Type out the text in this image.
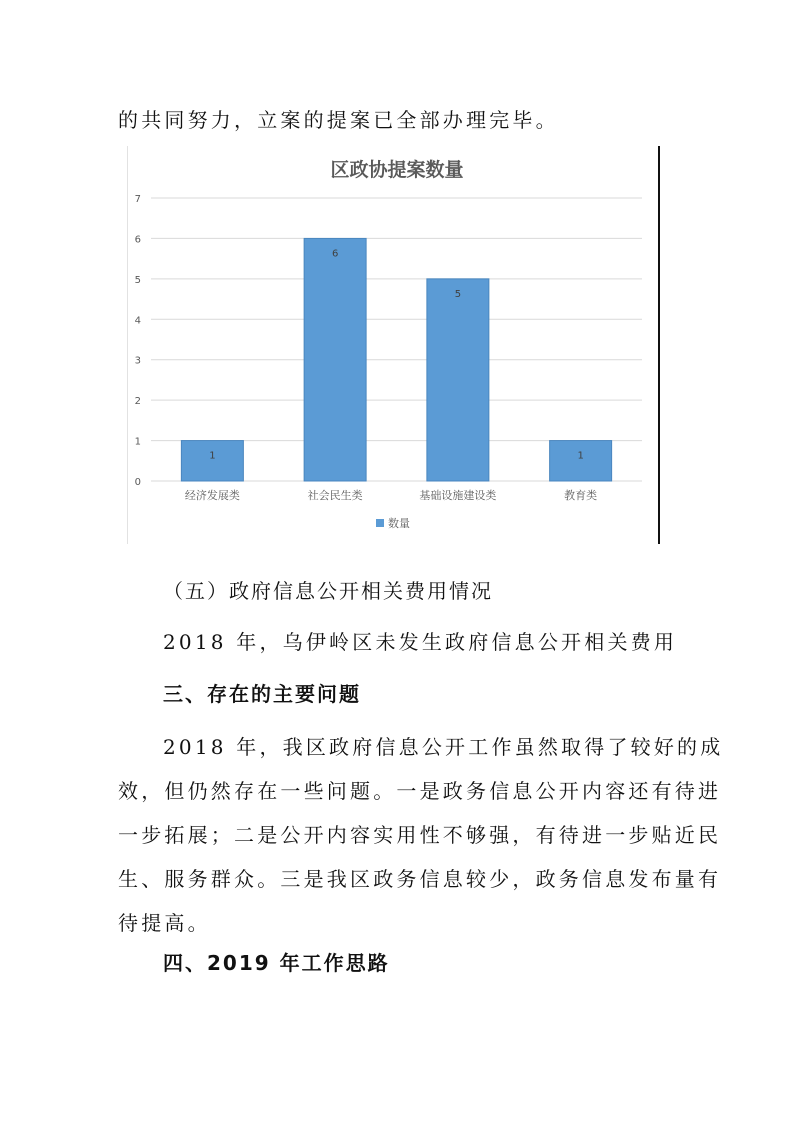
的共同努力，立案的提案已全部办理完毕。
区政协提案数量
0
1
2
3
4
5
6
7
1
经济发展类
6
社会民生类
5
基础设施建设类
1
教育类
数量
（五）政府信息公开相关费用情况
2018 年，乌伊岭区未发生政府信息公开相关费用
三、存在的主要问题
2018 年，我区政府信息公开工作虽然取得了较好的成
效，但仍然存在一些问题。一是政务信息公开内容还有待进
一步拓展；二是公开内容实用性不够强，有待进一步贴近民
生、服务群众。三是我区政务信息较少，政务信息发布量有
待提高。
四、2019 年工作思路
